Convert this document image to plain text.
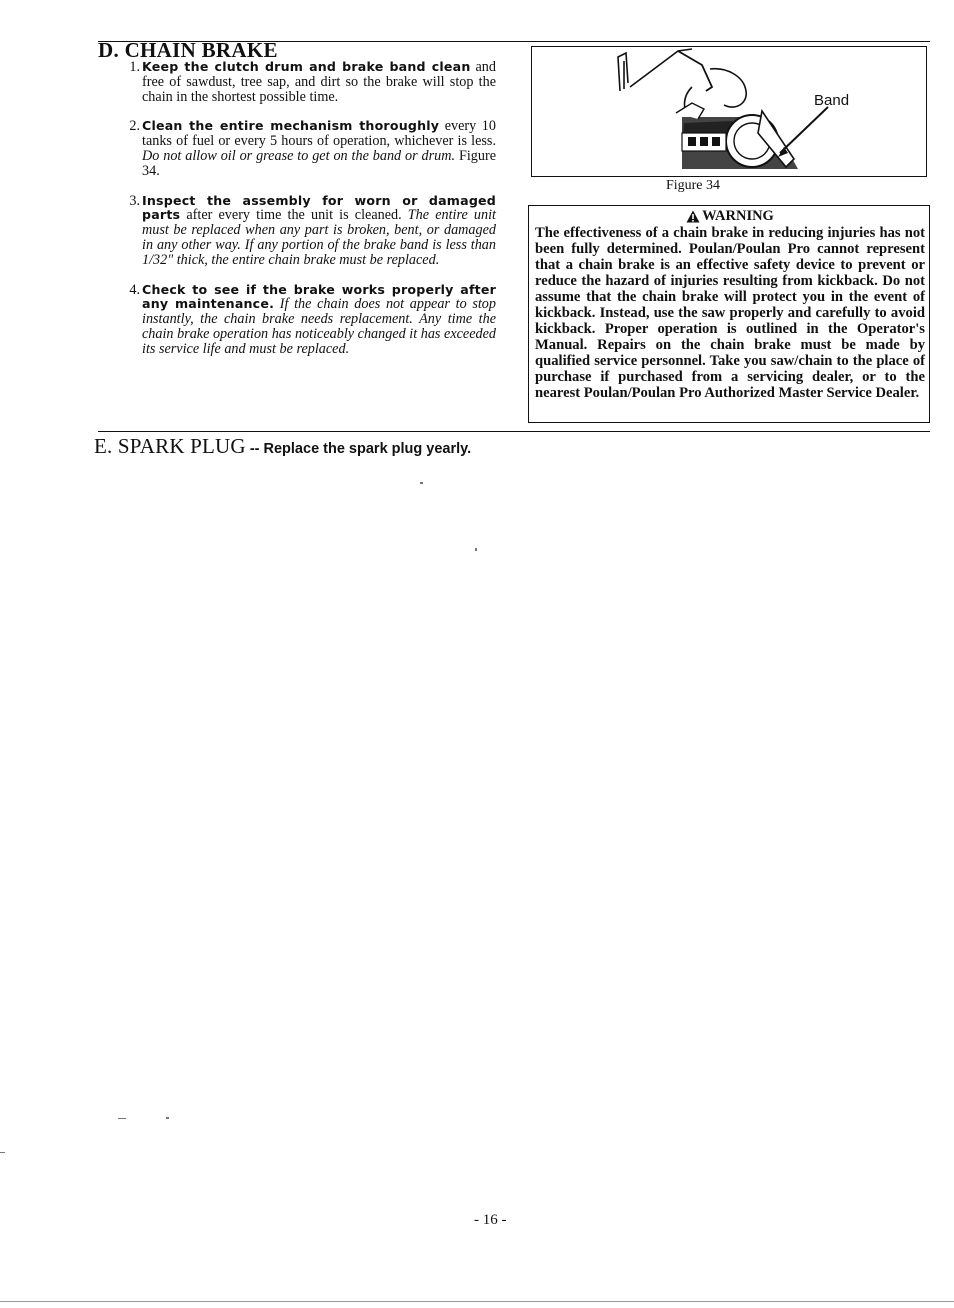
D. CHAIN BRAKE
1. Keep the clutch drum and brake band clean and free of sawdust, tree sap, and dirt so the brake will stop the chain in the shortest possible time.
2. Clean the entire mechanism thoroughly every 10 tanks of fuel or every 5 hours of operation, whichever is less. Do not allow oil or grease to get on the band or drum. Figure 34.
3. Inspect the assembly for worn or damaged parts after every time the unit is cleaned. The entire unit must be replaced when any part is broken, bent, or damaged in any other way. If any portion of the brake band is less than 1/32" thick, the entire chain brake must be replaced.
4. Check to see if the brake works properly after any maintenance. If the chain does not appear to stop instantly, the chain brake needs replacement. Any time the chain brake operation has noticeably changed it has exceeded its service life and must be replaced.
Band
Figure 34
WARNING
The effectiveness of a chain brake in reducing injuries has not been fully determined. Poulan/Poulan Pro cannot represent that a chain brake is an effective safety device to prevent or reduce the hazard of injuries resulting from kickback. Do not assume that the chain brake will protect you in the event of kickback. Instead, use the saw properly and carefully to avoid kickback. Proper operation is outlined in the Operator's Manual. Repairs on the chain brake must be made by qualified service personnel. Take you saw/chain to the place of purchase if purchased from a servicing dealer, or to the nearest Poulan/Poulan Pro Authorized Master Service Dealer.
E. SPARK PLUG -- Replace the spark plug yearly.
- 16 -
